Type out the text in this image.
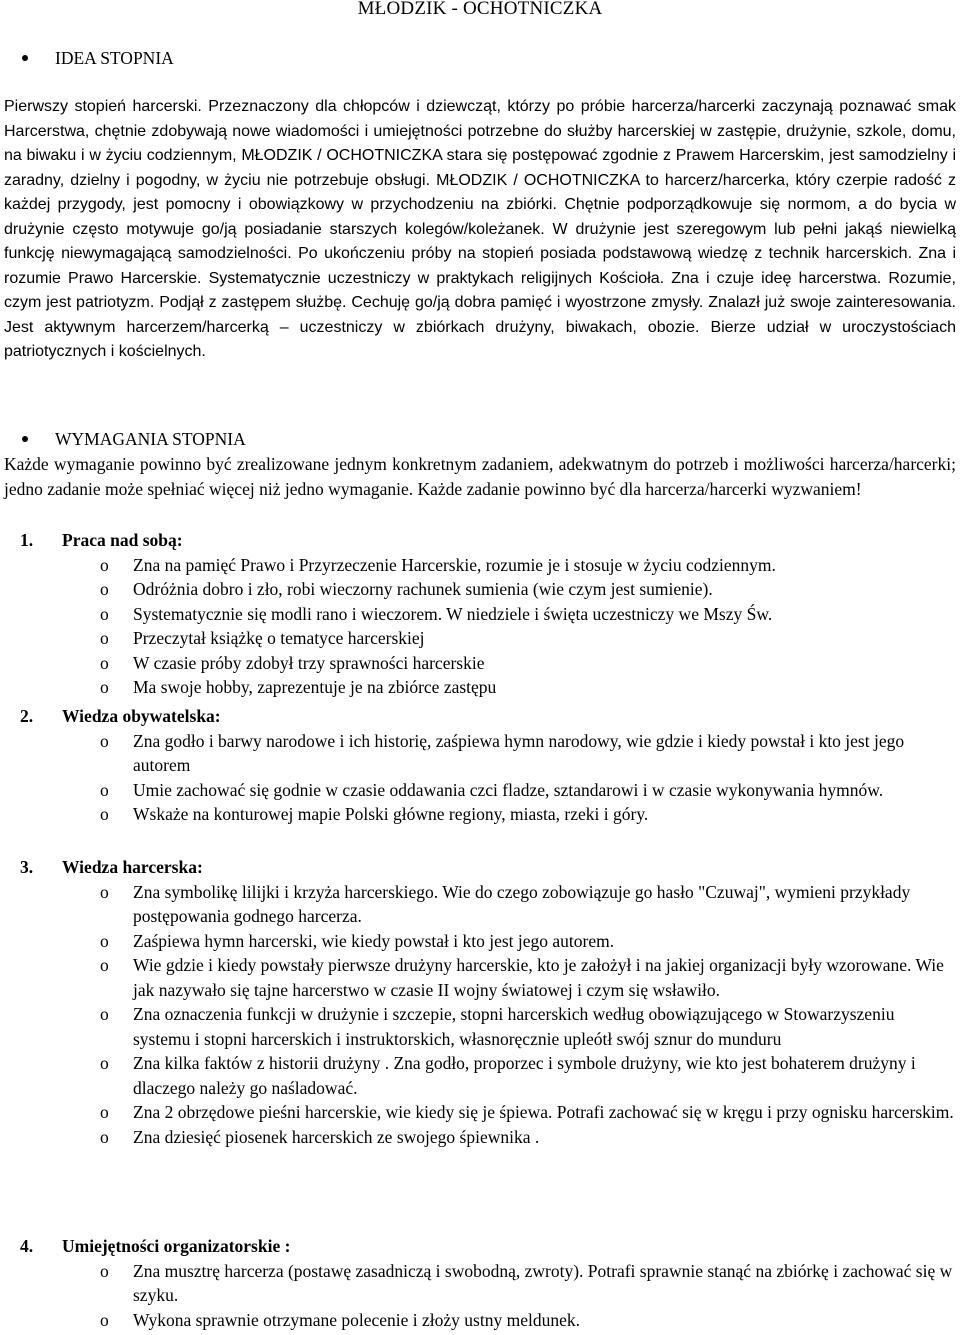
MŁODZIK - OCHOTNICZKA
IDEA STOPNIA

Pierwszy stopień harcerski. Przeznaczony dla chłopców i dziewcząt, którzy po próbie harcerza/harcerki zaczynają poznawać smak Harcerstwa, chętnie zdobywają nowe wiadomości i umiejętności potrzebne do służby harcerskiej w zastępie, drużynie, szkole, domu, na biwaku i w życiu codziennym, MŁODZIK / OCHOTNICZKA stara się postępować zgodnie z Prawem Harcerskim, jest samodzielny i zaradny, dzielny i pogodny, w życiu nie potrzebuje obsługi. MŁODZIK / OCHOTNICZKA to harcerz/harcerka, który czerpie radość z każdej przygody, jest pomocny i obowiązkowy w przychodzeniu na zbiórki. Chętnie podporządkowuje się normom, a do bycia w drużynie często motywuje go/ją posiadanie starszych kolegów/koleżanek. W drużynie jest szeregowym lub pełni jakąś niewielką funkcję niewymagającą samodzielności. Po ukończeniu próby na stopień posiada podstawową wiedzę z technik harcerskich. Zna i rozumie Prawo Harcerskie. Systematycznie uczestniczy w praktykach religijnych Kościoła. Zna i czuje ideę harcerstwa. Rozumie, czym jest patriotyzm. Podjął z zastępem służbę. Cechuję go/ją dobra pamięć i wyostrzone zmysły. Znalazł już swoje zainteresowania. Jest aktywnym harcerzem/harcerką – uczestniczy w zbiórkach drużyny, biwakach, obozie. Bierze udział w uroczystościach patriotycznych i kościelnych.

WYMAGANIA STOPNIA

Każde wymaganie powinno być zrealizowane jednym konkretnym zadaniem, adekwatnym do potrzeb i możliwości harcerza/harcerki; jedno zadanie może spełniać więcej niż jedno wymaganie. Każde zadanie powinno być dla harcerza/harcerki wyzwaniem!

1.	Praca nad sobą:
o Zna na pamięć Prawo i Przyrzeczenie Harcerskie, rozumie je i stosuje w życiu codziennym.
o Odróżnia dobro i zło, robi wieczorny rachunek sumienia (wie czym jest sumienie).
o Systematycznie się modli rano i wieczorem. W niedziele i święta uczestniczy we Mszy Św.
o Przeczytał książkę o tematyce harcerskiej
o W czasie próby zdobył trzy sprawności harcerskie
o Ma swoje hobby, zaprezentuje je na zbiórce zastępu
2.	Wiedza obywatelska:
o Zna godło i barwy narodowe i ich historię, zaśpiewa hymn narodowy, wie gdzie i kiedy powstał i kto jest jego autorem
o Umie zachować się godnie w czasie oddawania czci fladze, sztandarowi i w czasie wykonywania hymnów.
o Wskaże na konturowej mapie Polski główne regiony, miasta, rzeki i góry.
3.	Wiedza harcerska:
o Zna symbolikę lilijki i krzyża harcerskiego. Wie do czego zobowiązuje go hasło "Czuwaj", wymieni przykłady postępowania godnego harcerza.
o Zaśpiewa hymn harcerski, wie kiedy powstał i kto jest jego autorem.
o Wie gdzie i kiedy powstały pierwsze drużyny harcerskie, kto je założył i na jakiej organizacji były wzorowane. Wie jak nazywało się tajne harcerstwo w czasie II wojny światowej i czym się wsławiło.
o Zna oznaczenia funkcji w drużynie i szczepie, stopni harcerskich według obowiązującego w Stowarzyszeniu systemu i stopni harcerskich i instruktorskich, własnoręcznie upleótł swój sznur do munduru
o Zna kilka faktów z historii drużyny . Zna godło, proporzec i symbole drużyny, wie kto jest bohaterem drużyny i dlaczego należy go naśladować.
o Zna 2 obrzędowe pieśni harcerskie, wie kiedy się je śpiewa. Potrafi zachować się w kręgu i przy ognisku harcerskim.
o Zna dziesięć piosenek harcerskich ze swojego śpiewnika .
4.	Umiejętności organizatorskie :
o Zna musztrę harcerza (postawę zasadniczą i swobodną, zwroty). Potrafi sprawnie stanąć na zbiórkę i zachować się w szyku.
o Wykona sprawnie otrzymane polecenie i złoży ustny meldunek.
